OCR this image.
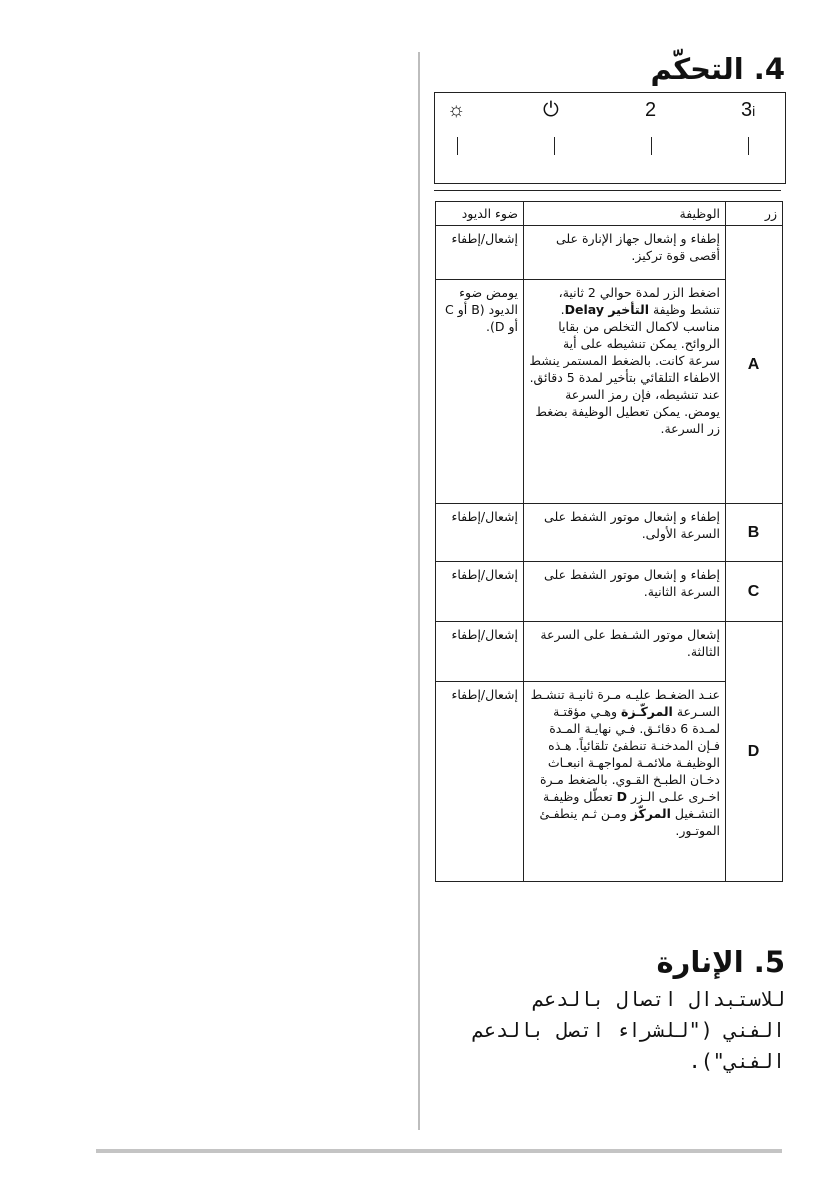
4. التحكّم
☼	⏻	2	3i
زر	الوظيفة	ضوء الديود
A	إطفاء و إشعال جهاز الإنارة على أقصى قوة تركيز.	إشعال/إطفاء
	اضغط الزر لمدة حوالي 2 ثانية، تنشط وظيفة التأخير Delay. مناسب لاكمال التخلص من بقايا الروائح. يمكن تنشيطه على أية سرعة كانت. بالضغط المستمر ينشط الاطفاء التلقائي بتأخير لمدة 5 دقائق. عند تنشيطه، فإن رمز السرعة يومض. يمكن تعطيل الوظيفة بضغط زر السرعة.	يومض ضوء الديود (B أو C أو D).
B	إطفاء و إشعال موتور الشفط على السرعة الأولى.	إشعال/إطفاء
C	إطفاء و إشعال موتور الشفط على السرعة الثانية.	إشعال/إطفاء
D	إشعال موتور الشـفط على السرعة الثالثة.	إشعال/إطفاء
	عنـد الضغـط عليـه مـرة ثانيـة تنشـط السـرعة المركّـزة وهـي مؤقتـة لمـدة 6 دقائـق. فـي نهايـة المـدة فـإن المدخنـة تنطفئ تلقائياً. هـذه الوظيفـة ملائمـة لمواجهـة انبعـاث دخـان الطبـخ القـوي. بالضغط مـرة اخـرى علـى الـزر D تعطّل وظيفـة التشـغيل المركّز ومـن ثـم ينطفـئ الموتـور.	إشعال/إطفاء
5. الإنارة
للاستبدال اتصال بالدعم الفني ("للشراء اتصل بالدعم الفني").
